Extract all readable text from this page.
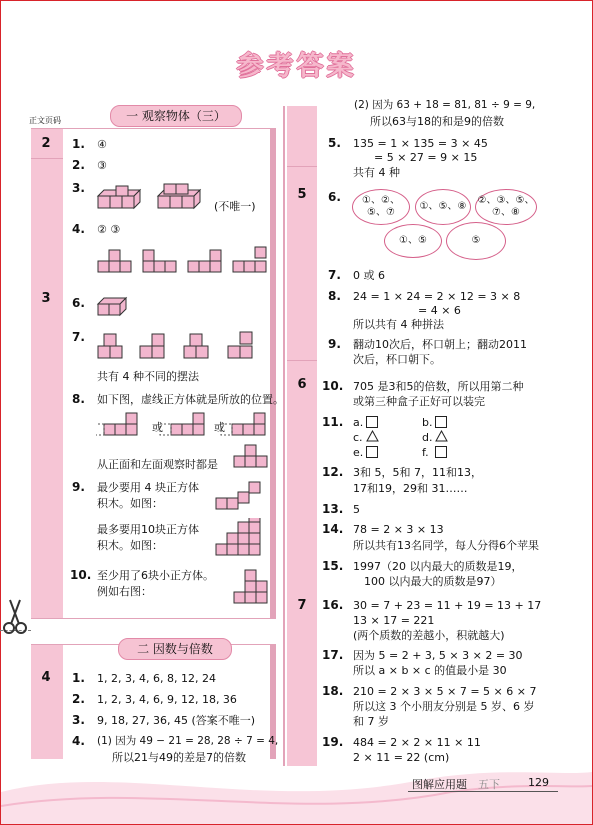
参考答案
正文页码	一 观察物体（三）
二 因数与倍数
2
3
4
1. ④
2. ③
3.
(不唯一)
4. ② ③
6.
7.
共有 4 种不同的摆法
8. 如下图，虚线正方体就是所放的位置。
或	或
从正面和左面观察时都是
9. 最少要用 4 块正方体
积木。如图：
最多要用10块正方体
积木。如图：
10. 至少用了6块小正方体。
例如右图：
1. 1, 2, 3, 4, 6, 8, 12, 24
2. 1, 2, 3, 4, 6, 9, 12, 18, 36
3. 9, 18, 27, 36, 45 (答案不唯一)
4. (1) 因为 49 − 21 = 28, 28 ÷ 7 = 4,
所以21与49的差是7的倍数
5
6
7
(2) 因为 63 + 18 = 81, 81 ÷ 9 = 9,
所以63与18的和是9的倍数
5. 135 = 1 × 135 = 3 × 45
= 5 × 27 = 9 × 15
共有 4 种
6.	①、②、⑤、⑦
①、⑤、⑧
②、③、⑤、⑦、⑧
①、⑤	⑤
7. 0 或 6
8. 24 = 1 × 24 = 2 × 12 = 3 × 8
= 4 × 6
所以共有 4 种拼法
9. 翻动10次后，杯口朝上；翻动2011
次后，杯口朝下。
10. 705 是3和5的倍数，所以用第二种
或第三种盒子正好可以装完
11. a.	b.
c.	d.
e.	f.
12. 3和 5，5和 7，11和13，
17和19，29和 31……
13. 5
14. 78 = 2 × 3 × 13
所以共有13名同学，每人分得6个苹果
15. 1997（20 以内最大的质数是19，
100 以内最大的质数是97）
16. 30 = 7 + 23 = 11 + 19 = 13 + 17
13 × 17 = 221
(两个质数的差越小，积就越大)
17. 因为 5 = 2 + 3, 5 × 3 × 2 = 30
所以 a × b × c 的值最小是 30
18. 210 = 2 × 3 × 5 × 7 = 5 × 6 × 7
所以这 3 个小朋友分别是 5 岁、6 岁
和 7 岁
19. 484 = 2 × 2 × 11 × 11
2 × 11 = 22 (cm)
图解应用题 五下	129
